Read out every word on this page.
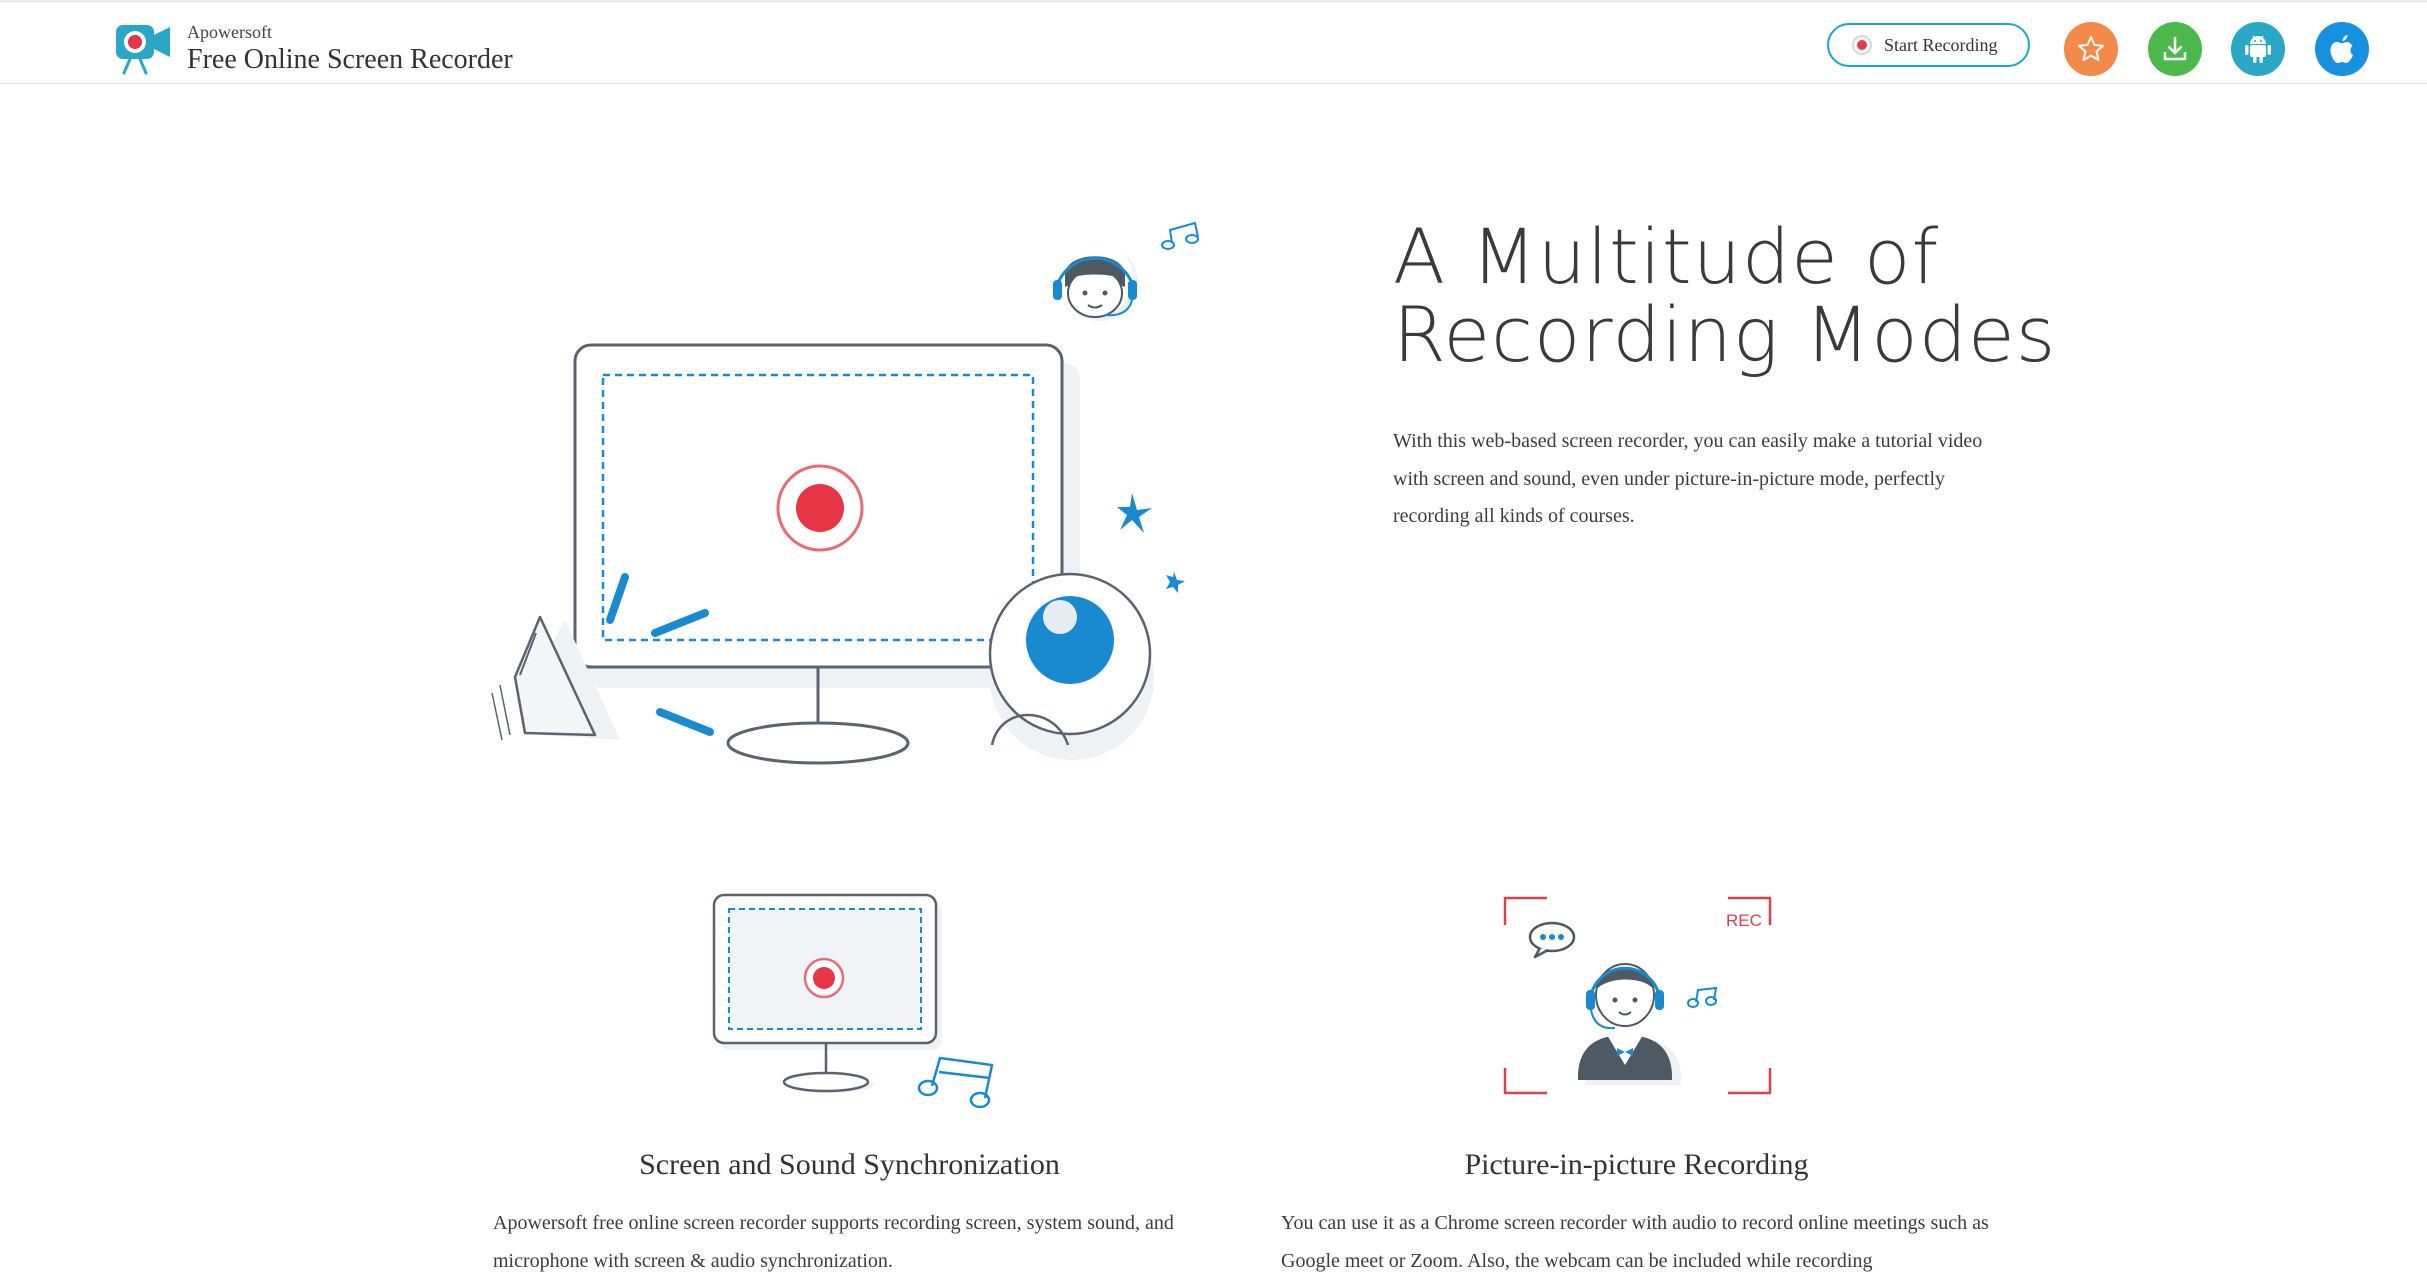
Apowersoft
Free Online Screen Recorder	Start Recording
A Multitude of
Recording Modes
With this web-based screen recorder, you can easily make a tutorial video with screen and sound, even under picture-in-picture mode, perfectly recording all kinds of courses.
REC
Screen and Sound Synchronization
Apowersoft free online screen recorder supports recording screen, system sound, and microphone with screen & audio synchronization.
Picture-in-picture Recording
You can use it as a Chrome screen recorder with audio to record online meetings such as Google meet or Zoom. Also, the webcam can be included while recording
